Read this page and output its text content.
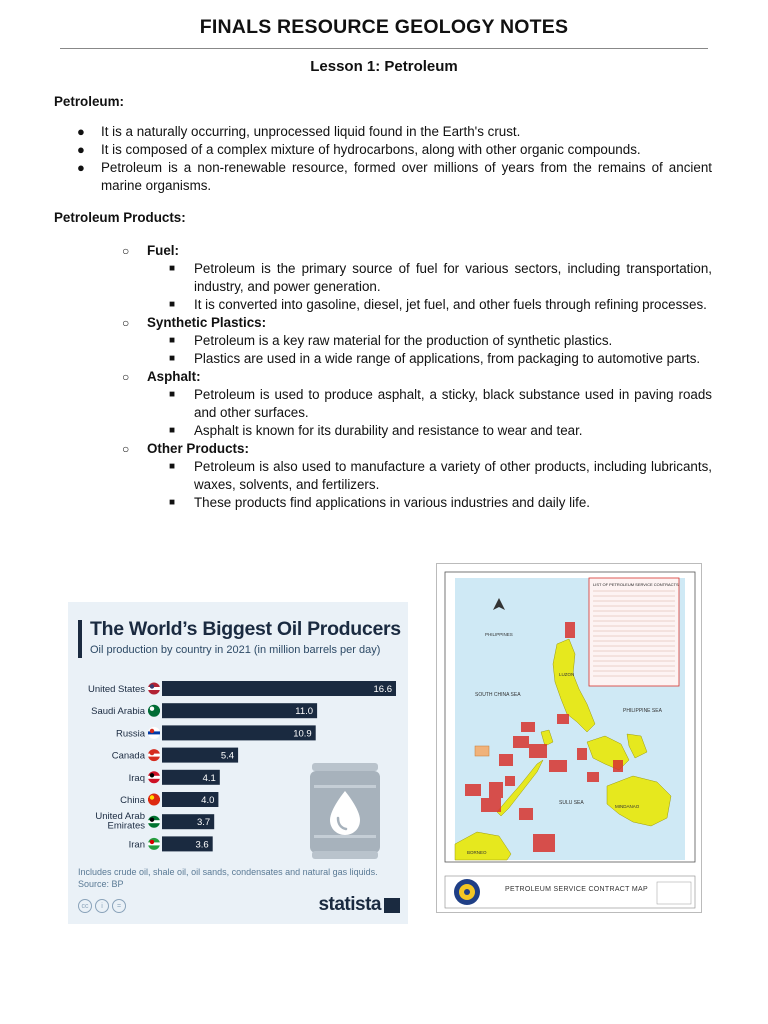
FINALS RESOURCE GEOLOGY NOTES
Lesson 1: Petroleum
Petroleum:
● It is a naturally occurring, unprocessed liquid found in the Earth's crust.
● It is composed of a complex mixture of hydrocarbons, along with other organic compounds.
● Petroleum is a non-renewable resource, formed over millions of years from the remains of ancient marine organisms.
Petroleum Products:
○ Fuel:
■ Petroleum is the primary source of fuel for various sectors, including transportation, industry, and power generation.
■ It is converted into gasoline, diesel, jet fuel, and other fuels through refining processes.
○ Synthetic Plastics:
■ Petroleum is a key raw material for the production of synthetic plastics.
■ Plastics are used in a wide range of applications, from packaging to automotive parts.
○ Asphalt:
■ Petroleum is used to produce asphalt, a sticky, black substance used in paving roads and other surfaces.
■ Asphalt is known for its durability and resistance to wear and tear.
○ Other Products:
■ Petroleum is also used to manufacture a variety of other products, including lubricants, waxes, solvents, and fertilizers.
■ These products find applications in various industries and daily life.
The World’s Biggest Oil Producers
Oil production by country in 2021 (in million barrels per day)
16.6
United States
11.0
Saudi Arabia
10.9
Russia
5.4
Canada
4.1
Iraq
4.0
China
3.7
United Arab
Emirates
3.6
Iran
Includes crude oil, shale oil, oil sands, condensates and natural gas liquids.
Source: BP
cc	i	=	statista
LIST OF PETROLEUM SERVICE CONTRACTS
PHILIPPINES
LUZON
SOUTH CHINA SEA
PHILIPPINE SEA
SULU SEA
MINDANAO
BORNEO
PETROLEUM SERVICE CONTRACT MAP
